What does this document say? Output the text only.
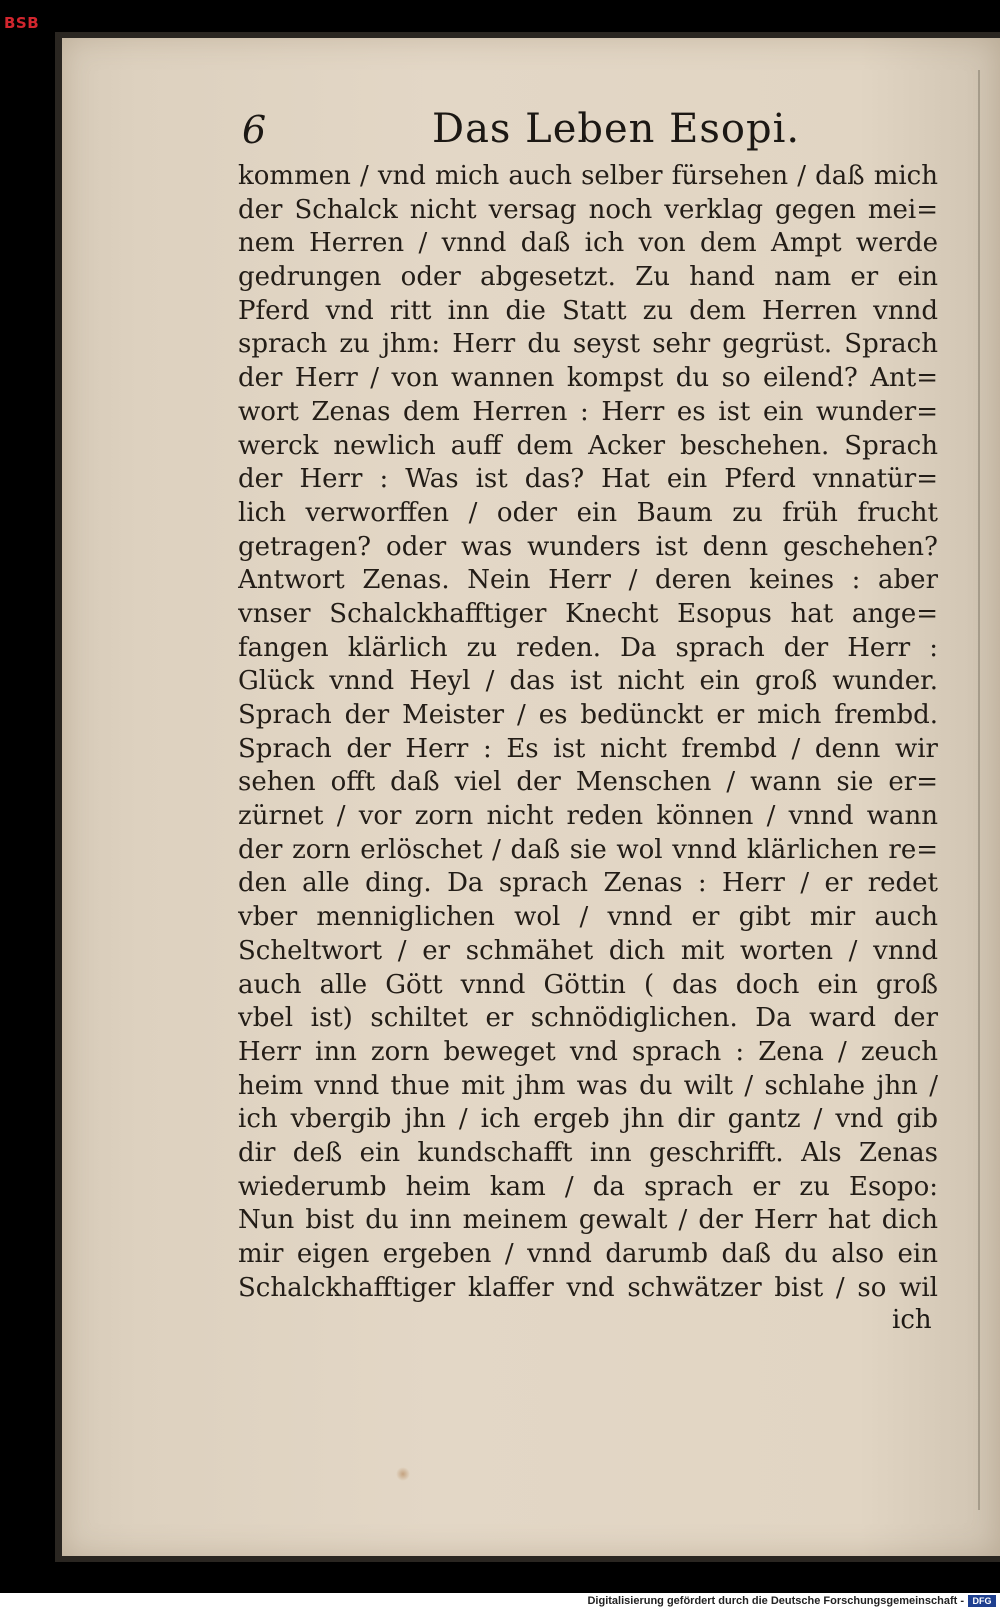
BSB
6	Das Leben Esopi.
kommen / vnd mich auch selber fürsehen / daß mich
der Schalck nicht versag noch verklag gegen mei=
nem Herren / vnnd daß ich von dem Ampt werde
gedrungen oder abgesetzt. Zu hand nam er ein
Pferd vnd ritt inn die Statt zu dem Herren vnnd
sprach zu jhm: Herr du seyst sehr gegrüst. Sprach
der Herr / von wannen kompst du so eilend? Ant=
wort Zenas dem Herren : Herr es ist ein wunder=
werck newlich auff dem Acker beschehen. Sprach
der Herr : Was ist das? Hat ein Pferd vnnatür=
lich verworffen / oder ein Baum zu früh frucht
getragen? oder was wunders ist denn geschehen?
Antwort Zenas. Nein Herr / deren keines : aber
vnser Schalckhafftiger Knecht Esopus hat ange=
fangen klärlich zu reden. Da sprach der Herr :
Glück vnnd Heyl / das ist nicht ein groß wunder.
Sprach der Meister / es bedünckt er mich frembd.
Sprach der Herr : Es ist nicht frembd / denn wir
sehen offt daß viel der Menschen / wann sie er=
zürnet / vor zorn nicht reden können / vnnd wann
der zorn erlöschet / daß sie wol vnnd klärlichen re=
den alle ding. Da sprach Zenas : Herr / er redet
vber menniglichen wol / vnnd er gibt mir auch
Scheltwort / er schmähet dich mit worten / vnnd
auch alle Gött vnnd Göttin ( das doch ein groß
vbel ist) schiltet er schnödiglichen. Da ward der
Herr inn zorn beweget vnd sprach : Zena / zeuch
heim vnnd thue mit jhm was du wilt / schlahe jhn /
ich vbergib jhn / ich ergeb jhn dir gantz / vnd gib
dir deß ein kundschafft inn geschrifft. Als Zenas
wiederumb heim kam / da sprach er zu Esopo:
Nun bist du inn meinem gewalt / der Herr hat dich
mir eigen ergeben / vnnd darumb daß du also ein
Schalckhafftiger klaffer vnd schwätzer bist / so wil
ich
Digitalisierung gefördert durch die Deutsche Forschungsgemeinschaft - DFG
